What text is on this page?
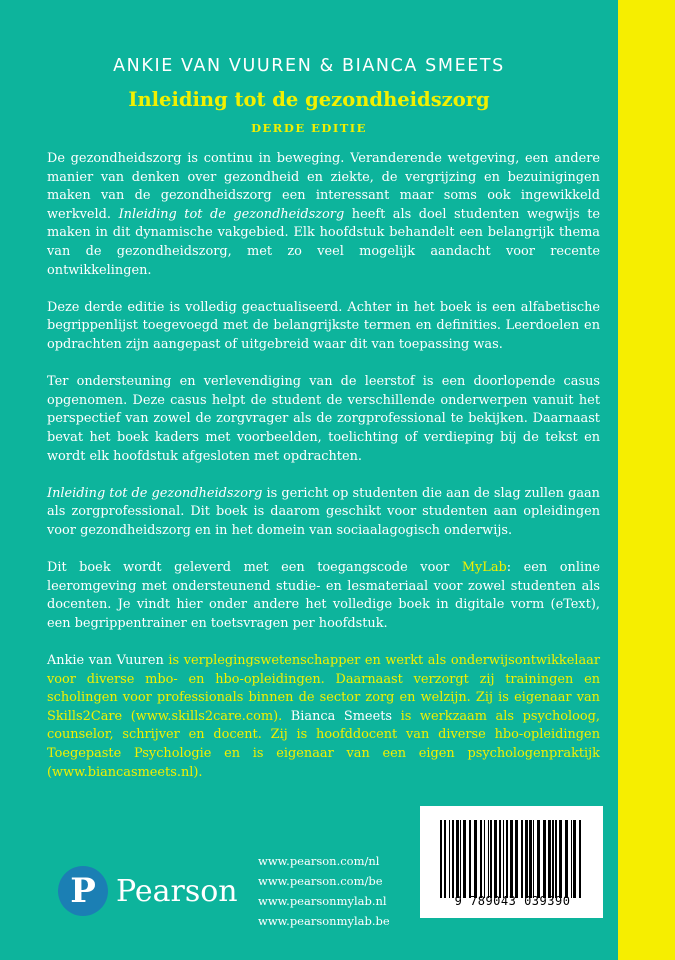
ANKIE VAN VUUREN & BIANCA SMEETS
Inleiding tot de gezondheidszorg
DERDE EDITIE

De gezondheidszorg is continu in beweging. Veranderende wetgeving, een andere manier van denken over gezondheid en ziekte, de vergrijzing en bezuinigingen maken van de gezondheidszorg een interessant maar soms ook ingewikkeld werkveld. Inleiding tot de gezondheidszorg heeft als doel studenten wegwijs te maken in dit dynamische vakgebied. Elk hoofdstuk behandelt een belangrijk thema van de gezondheidszorg, met zo veel mogelijk aandacht voor recente ontwikkelingen.

Deze derde editie is volledig geactualiseerd. Achter in het boek is een alfabetische begrippenlijst toegevoegd met de belangrijkste termen en definities. Leerdoelen en opdrachten zijn aangepast of uitgebreid waar dit van toepassing was.

Ter ondersteuning en verlevendiging van de leerstof is een doorlopende casus opgenomen. Deze casus helpt de student de verschillende onderwerpen vanuit het perspectief van zowel de zorgvrager als de zorgprofessional te bekijken. Daarnaast bevat het boek kaders met voorbeelden, toelichting of verdieping bij de tekst en wordt elk hoofdstuk afgesloten met opdrachten.

Inleiding tot de gezondheidszorg is gericht op studenten die aan de slag zullen gaan als zorgprofessional. Dit boek is daarom geschikt voor studenten aan opleidingen voor gezondheidszorg en in het domein van sociaalagogisch onderwijs.

Dit boek wordt geleverd met een toegangscode voor MyLab: een online leeromgeving met ondersteunend studie- en lesmateriaal voor zowel studenten als docenten. Je vindt hier onder andere het volledige boek in digitale vorm (eText), een begrippentrainer en toetsvragen per hoofdstuk.

Ankie van Vuuren is verplegingswetenschapper en werkt als onderwijsontwikkelaar voor diverse mbo- en hbo-opleidingen. Daarnaast verzorgt zij trainingen en scholingen voor professionals binnen de sector zorg en welzijn. Zij is eigenaar van Skills2Care (www.skills2care.com). Bianca Smeets is werkzaam als psycholoog, counselor, schrijver en docent. Zij is hoofddocent van diverse hbo-opleidingen Toegepaste Psychologie en is eigenaar van een eigen psychologenpraktijk (www.biancasmeets.nl).

P Pearson
www.pearson.com/nl
www.pearson.com/be
www.pearsonmylab.nl
www.pearsonmylab.be
9 789043 039390
